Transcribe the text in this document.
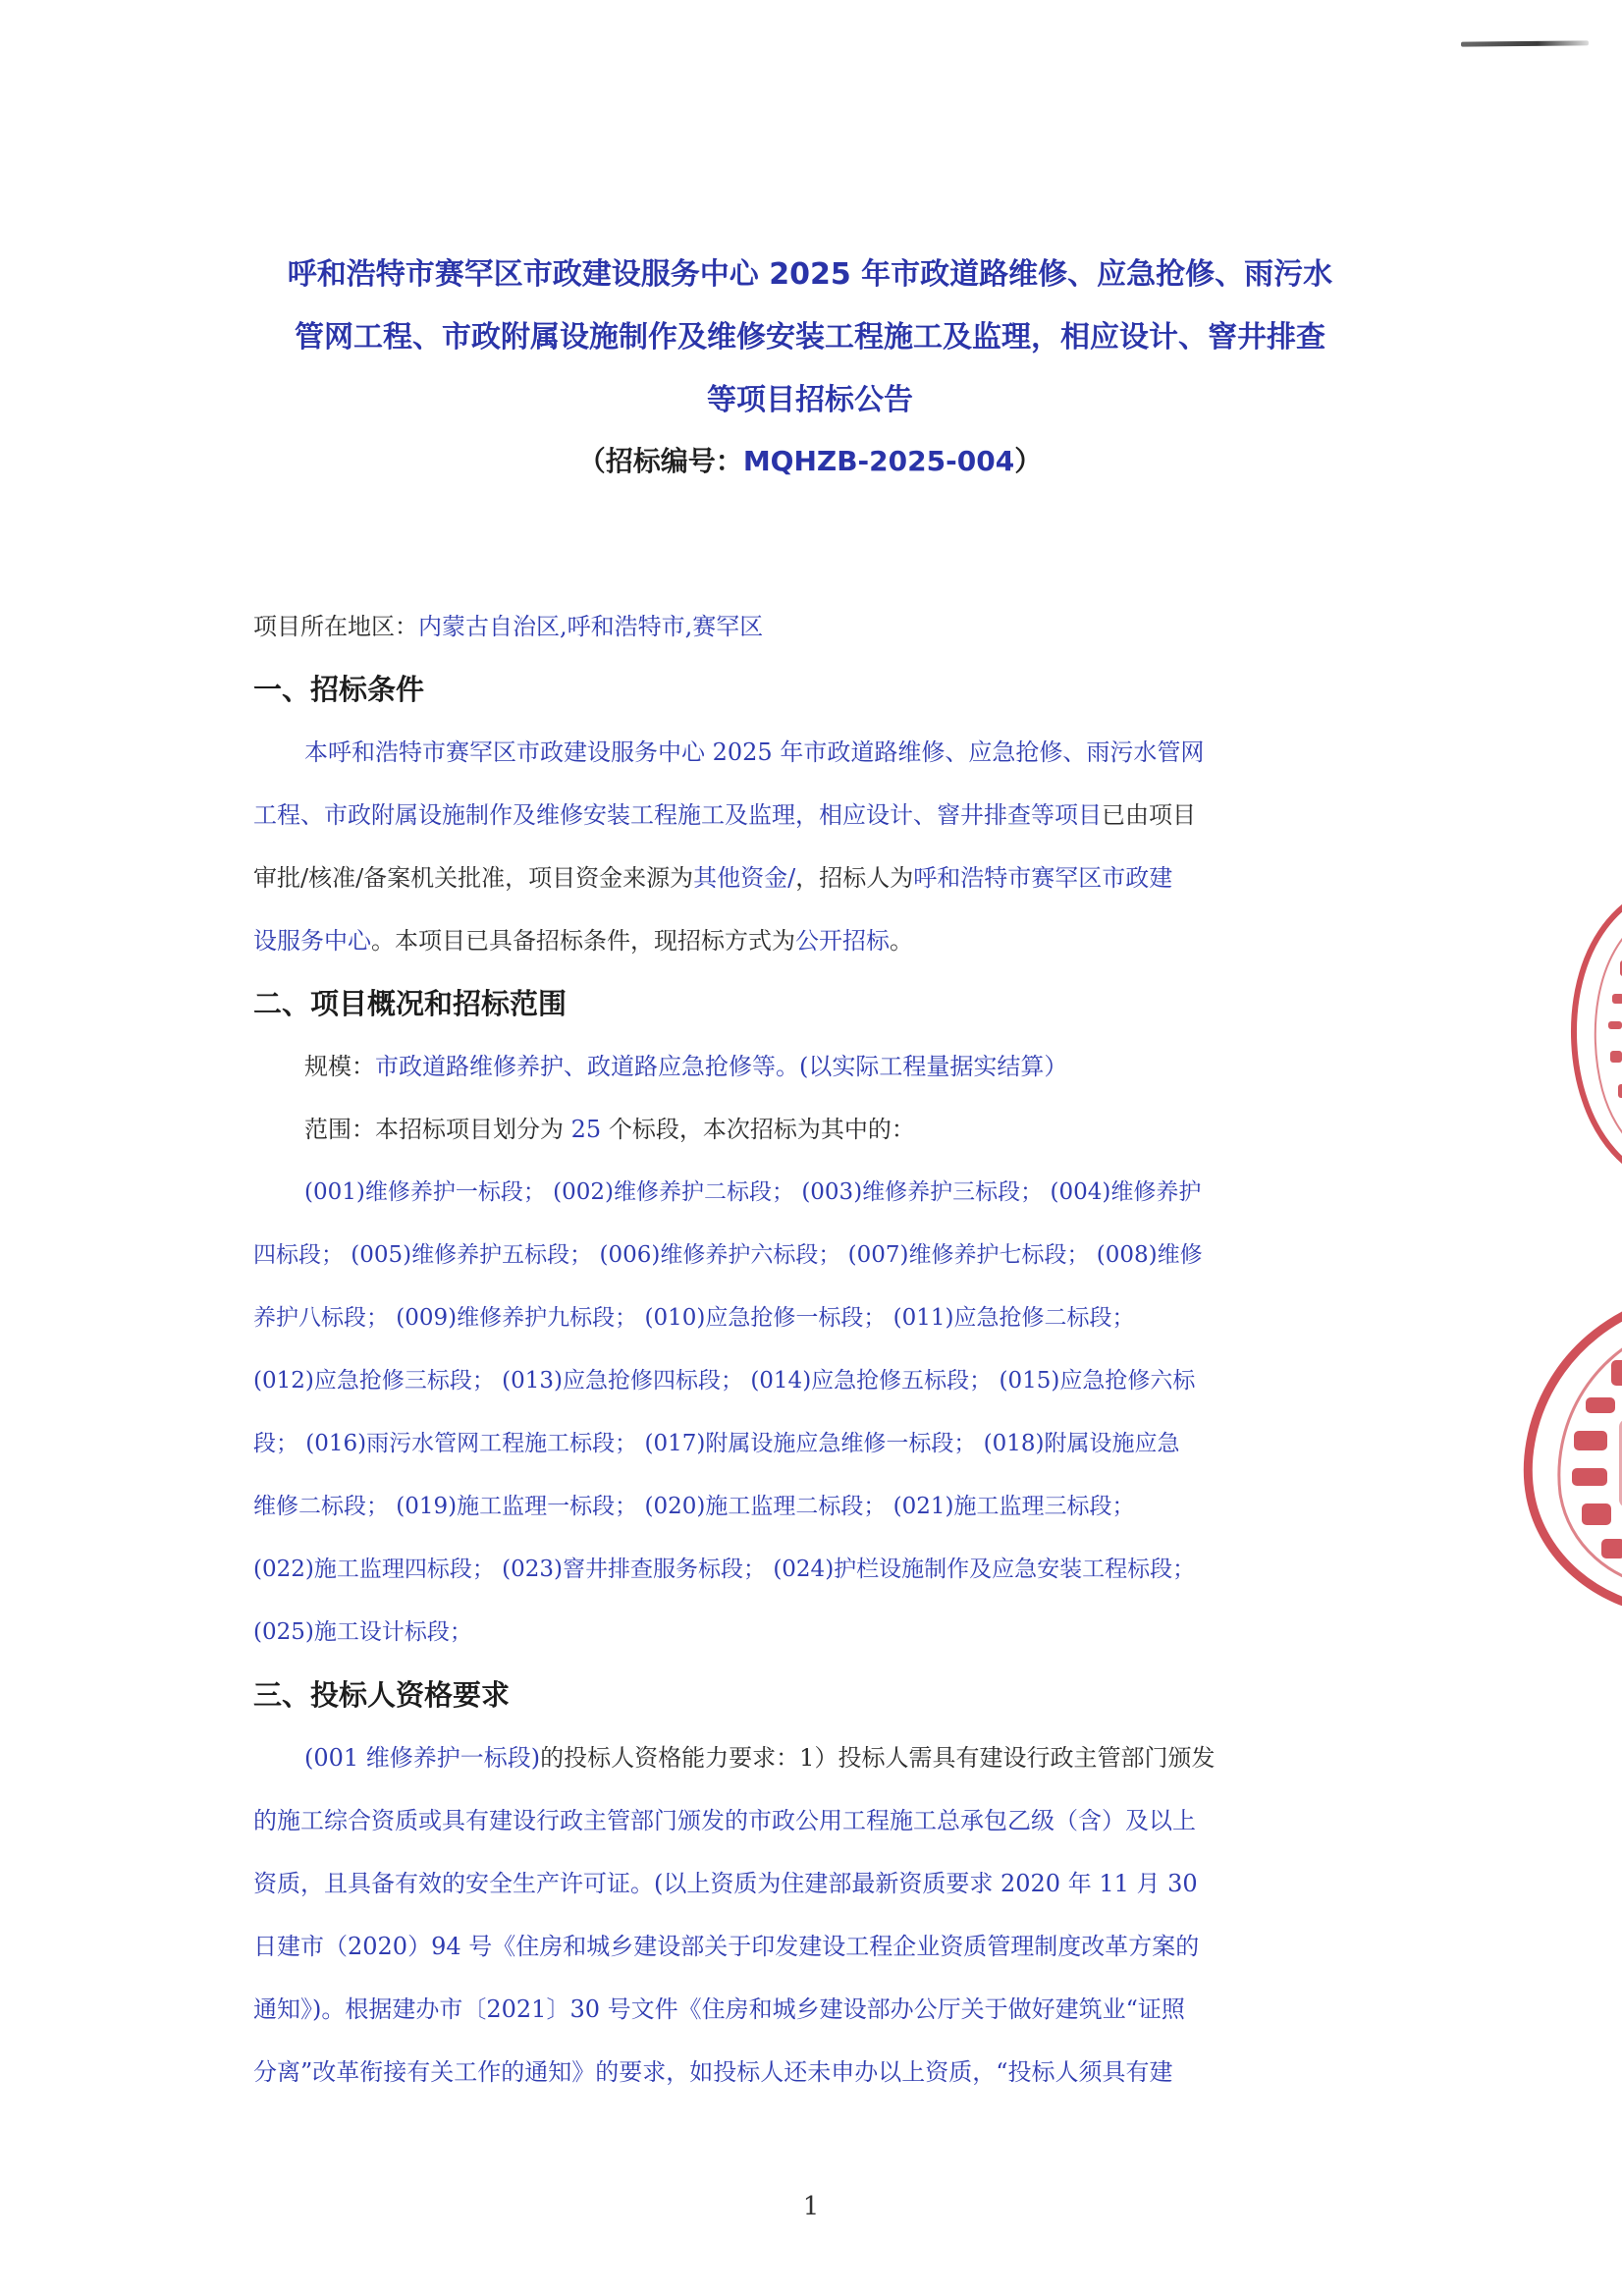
呼和浩特市赛罕区市政建设服务中心 2025 年市政道路维修、应急抢修、雨污水
管网工程、市政附属设施制作及维修安装工程施工及监理，相应设计、窨井排查
等项目招标公告
（招标编号：MQHZB-2025-004）
项目所在地区：内蒙古自治区,呼和浩特市,赛罕区
一、招标条件
本呼和浩特市赛罕区市政建设服务中心 2025 年市政道路维修、应急抢修、雨污水管网
工程、市政附属设施制作及维修安装工程施工及监理，相应设计、窨井排查等项目已由项目
审批/核准/备案机关批准，项目资金来源为其他资金/，招标人为呼和浩特市赛罕区市政建
设服务中心。本项目已具备招标条件，现招标方式为公开招标。
二、项目概况和招标范围
规模：市政道路维修养护、政道路应急抢修等。(以实际工程量据实结算）
范围：本招标项目划分为 25 个标段，本次招标为其中的：
(001)维修养护一标段； (002)维修养护二标段； (003)维修养护三标段； (004)维修养护
四标段； (005)维修养护五标段； (006)维修养护六标段； (007)维修养护七标段； (008)维修
养护八标段； (009)维修养护九标段； (010)应急抢修一标段； (011)应急抢修二标段；
(012)应急抢修三标段； (013)应急抢修四标段； (014)应急抢修五标段； (015)应急抢修六标
段； (016)雨污水管网工程施工标段； (017)附属设施应急维修一标段； (018)附属设施应急
维修二标段； (019)施工监理一标段； (020)施工监理二标段； (021)施工监理三标段；
(022)施工监理四标段； (023)窨井排查服务标段； (024)护栏设施制作及应急安装工程标段；
(025)施工设计标段；
三、投标人资格要求
(001 维修养护一标段)的投标人资格能力要求：1）投标人需具有建设行政主管部门颁发
的施工综合资质或具有建设行政主管部门颁发的市政公用工程施工总承包乙级（含）及以上
资质，且具备有效的安全生产许可证。(以上资质为住建部最新资质要求 2020 年 11 月 30
日建市（2020）94 号《住房和城乡建设部关于印发建设工程企业资质管理制度改革方案的
通知》)。根据建办市〔2021〕30 号文件《住房和城乡建设部办公厅关于做好建筑业“证照
分离”改革衔接有关工作的通知》的要求，如投标人还未申办以上资质，“投标人须具有建
1
